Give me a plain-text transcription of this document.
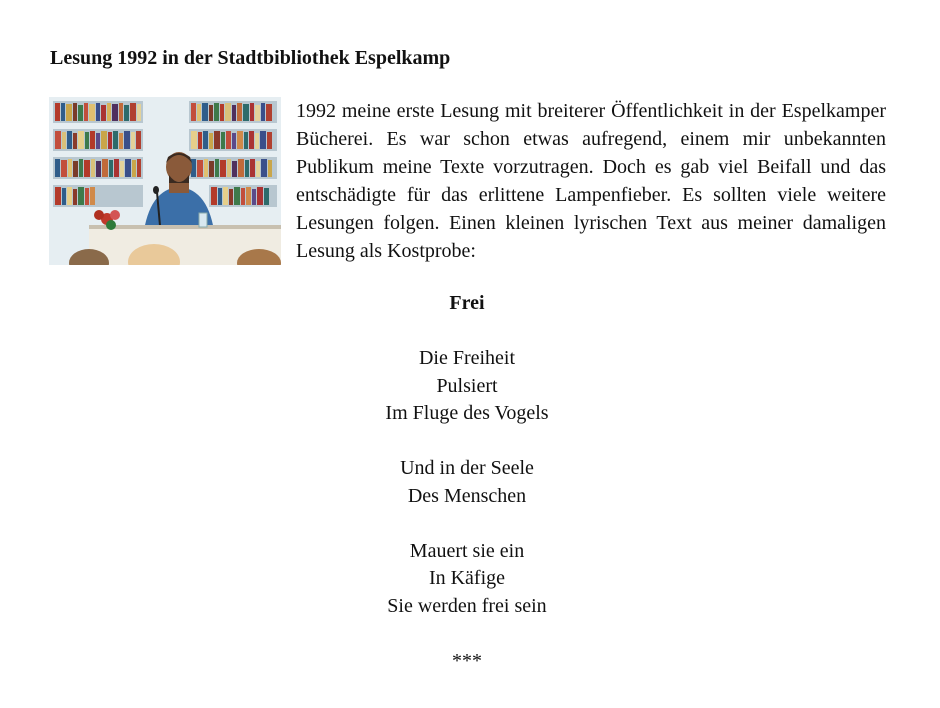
Lesung 1992 in der Stadtbibliothek Espelkamp

1992 meine erste Lesung mit breiterer Öffentlichkeit in der Espelkamper Bücherei. Es war schon etwas aufregend, einem mir unbekannten Publikum meine Texte vorzutragen. Doch es gab viel Beifall und das entschädigte für das erlittene Lampenfieber. Es sollten viele weitere Lesungen folgen. Einen kleinen lyrischen Text aus meiner damaligen Lesung als Kostprobe:

Frei

Die Freiheit
Pulsiert
Im Fluge des Vogels
Und in der Seele
Des Menschen
Mauert sie ein
In Käfige
Sie werden frei sein

***
